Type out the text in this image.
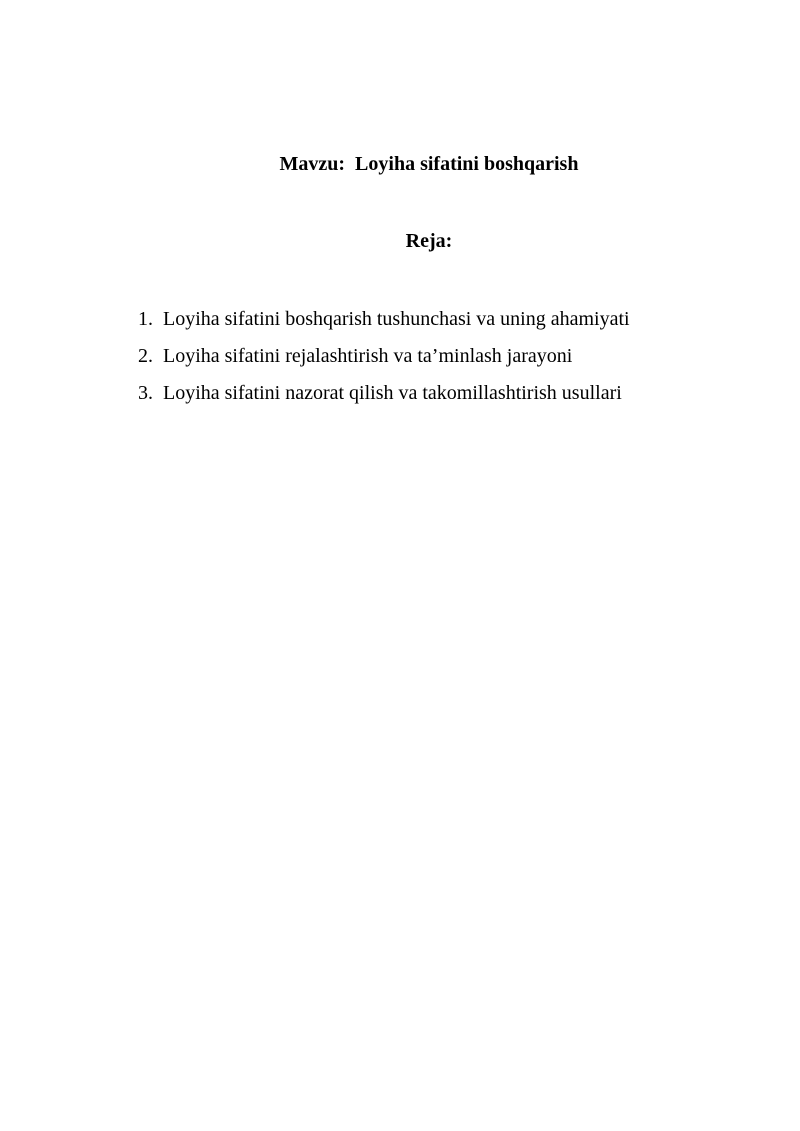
Mavzu:  Loyiha sifatini boshqarish
Reja:
1. Loyiha sifatini boshqarish tushunchasi va uning ahamiyati
2. Loyiha sifatini rejalashtirish va ta’minlash jarayoni
3. Loyiha sifatini nazorat qilish va takomillashtirish usullari
